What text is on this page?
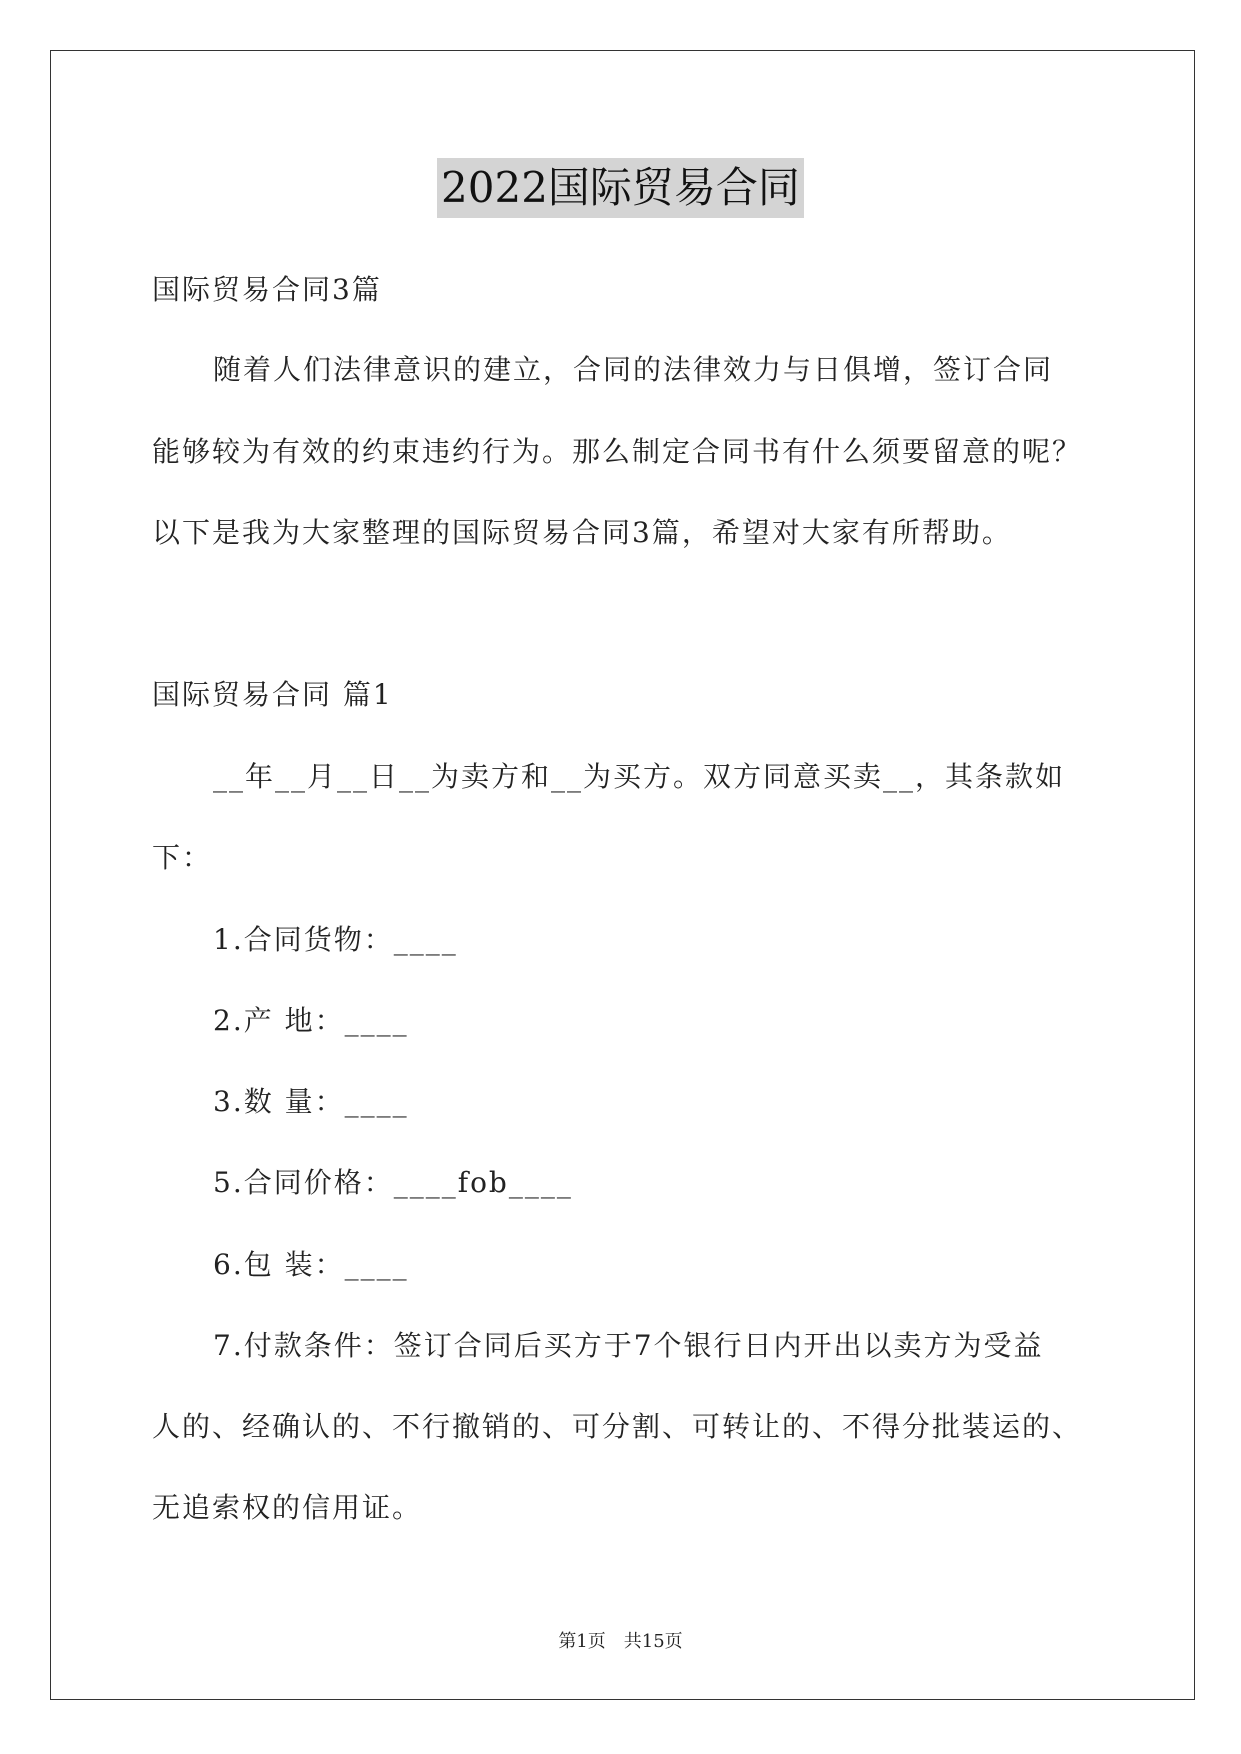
2022国际贸易合同
国际贸易合同3篇
随着人们法律意识的建立，合同的法律效力与日俱增，签订合同
能够较为有效的约束违约行为。那么制定合同书有什么须要留意的呢？
以下是我为大家整理的国际贸易合同3篇，希望对大家有所帮助。
国际贸易合同 篇1
__年__月__日__为卖方和__为买方。双方同意买卖__，其条款如
下：
1.合同货物：____
2.产 地：____
3.数 量：____
5.合同价格：____fob____
6.包 装：____
7.付款条件：签订合同后买方于7个银行日内开出以卖方为受益
人的、经确认的、不行撤销的、可分割、可转让的、不得分批装运的、
无追索权的信用证。
第1页　共15页
